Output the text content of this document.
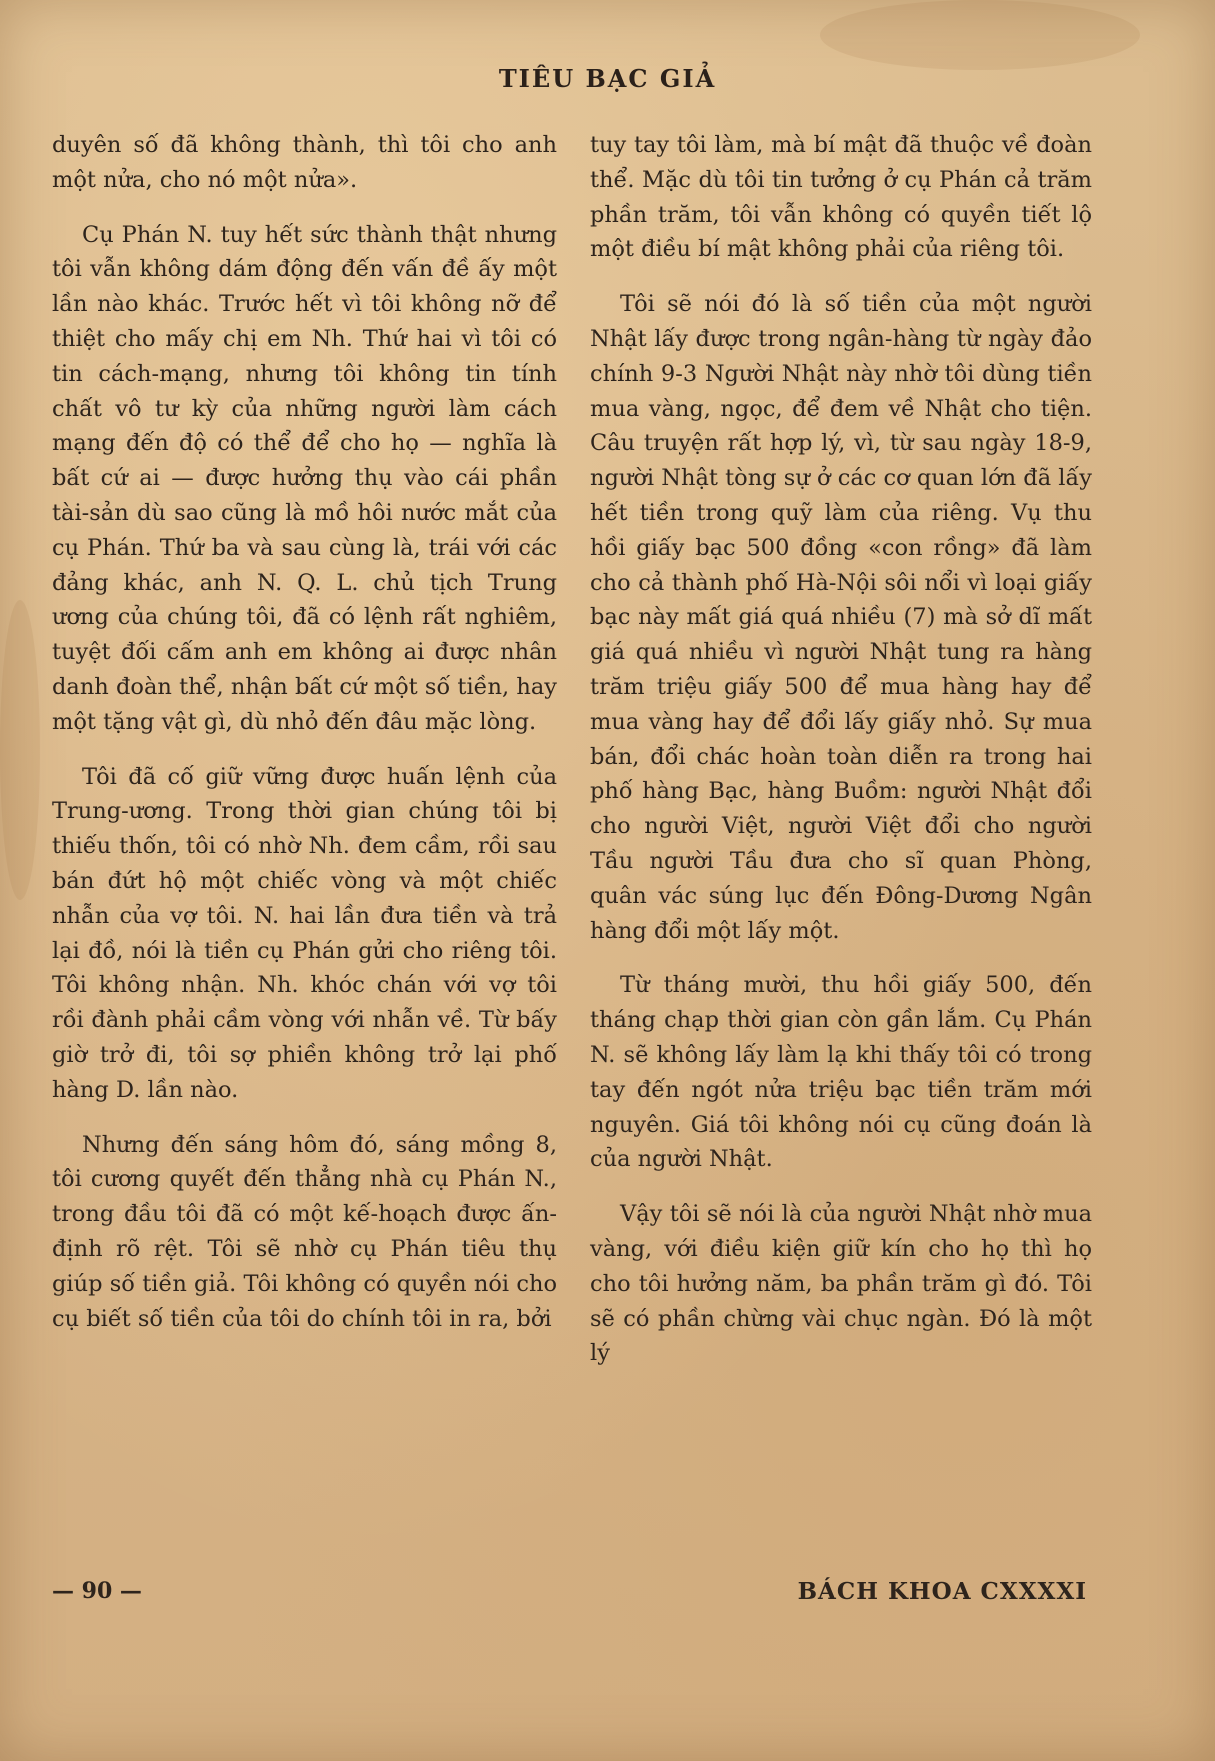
TIÊU BẠC GIẢ

duyên số đã không thành, thì tôi cho anh một nửa, cho nó một nửa».

Cụ Phán N. tuy hết sức thành thật nhưng tôi vẫn không dám động đến vấn đề ấy một lần nào khác. Trước hết vì tôi không nỡ để thiệt cho mấy chị em Nh. Thứ hai vì tôi có tin cách-mạng, nhưng tôi không tin tính chất vô tư kỳ của những người làm cách mạng đến độ có thể để cho họ — nghĩa là bất cứ ai — được hưởng thụ vào cái phần tài-sản dù sao cũng là mồ hôi nước mắt của cụ Phán. Thứ ba và sau cùng là, trái với các đảng khác, anh N. Q. L. chủ tịch Trung ương của chúng tôi, đã có lệnh rất nghiêm, tuyệt đối cấm anh em không ai được nhân danh đoàn thể, nhận bất cứ một số tiền, hay một tặng vật gì, dù nhỏ đến đâu mặc lòng.

Tôi đã cố giữ vững được huấn lệnh của Trung-ương. Trong thời gian chúng tôi bị thiếu thốn, tôi có nhờ Nh. đem cầm, rồi sau bán đứt hộ một chiếc vòng và một chiếc nhẫn của vợ tôi. N. hai lần đưa tiền và trả lại đồ, nói là tiền cụ Phán gửi cho riêng tôi. Tôi không nhận. Nh. khóc chán với vợ tôi rồi đành phải cầm vòng với nhẫn về. Từ bấy giờ trở đi, tôi sợ phiền không trở lại phố hàng D. lần nào.

Nhưng đến sáng hôm đó, sáng mồng 8, tôi cương quyết đến thẳng nhà cụ Phán N., trong đầu tôi đã có một kế-hoạch được ấn-định rõ rệt. Tôi sẽ nhờ cụ Phán tiêu thụ giúp số tiền giả. Tôi không có quyền nói cho cụ biết số tiền của tôi do chính tôi in ra, bởi

tuy tay tôi làm, mà bí mật đã thuộc về đoàn thể. Mặc dù tôi tin tưởng ở cụ Phán cả trăm phần trăm, tôi vẫn không có quyền tiết lộ một điều bí mật không phải của riêng tôi.

Tôi sẽ nói đó là số tiền của một người Nhật lấy được trong ngân-hàng từ ngày đảo chính 9-3 Người Nhật này nhờ tôi dùng tiền mua vàng, ngọc, để đem về Nhật cho tiện. Câu truyện rất hợp lý, vì, từ sau ngày 18-9, người Nhật tòng sự ở các cơ quan lớn đã lấy hết tiền trong quỹ làm của riêng. Vụ thu hồi giấy bạc 500 đồng «con rồng» đã làm cho cả thành phố Hà-Nội sôi nổi vì loại giấy bạc này mất giá quá nhiều (7) mà sở dĩ mất giá quá nhiều vì người Nhật tung ra hàng trăm triệu giấy 500 để mua hàng hay để mua vàng hay để đổi lấy giấy nhỏ. Sự mua bán, đổi chác hoàn toàn diễn ra trong hai phố hàng Bạc, hàng Buồm: người Nhật đổi cho người Việt, người Việt đổi cho người Tầu người Tầu đưa cho sĩ quan Phòng, quân vác súng lục đến Đông-Dương Ngân hàng đổi một lấy một.

Từ tháng mười, thu hồi giấy 500, đến tháng chạp thời gian còn gần lắm. Cụ Phán N. sẽ không lấy làm lạ khi thấy tôi có trong tay đến ngót nửa triệu bạc tiền trăm mới nguyên. Giá tôi không nói cụ cũng đoán là của người Nhật.

Vậy tôi sẽ nói là của người Nhật nhờ mua vàng, với điều kiện giữ kín cho họ thì họ cho tôi hưởng năm, ba phần trăm gì đó. Tôi sẽ có phần chừng vài chục ngàn. Đó là một lý

— 90 —	BÁCH KHOA CXXXXI
